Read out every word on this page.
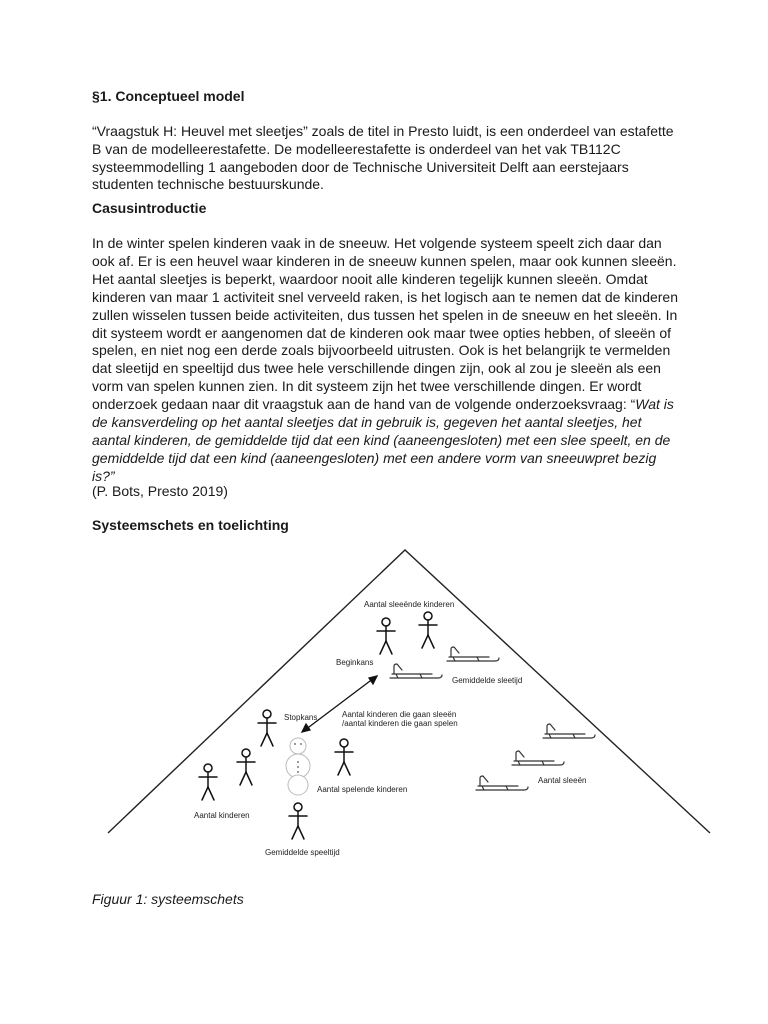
§1. Conceptueel model
“Vraagstuk H: Heuvel met sleetjes” zoals de titel in Presto luidt, is een onderdeel van estafette B van de modelleerestafette. De modelleerestafette is onderdeel van het vak TB112C systeemmodelling 1 aangeboden door de Technische Universiteit Delft aan eerstejaars studenten technische bestuurskunde.
Casusintroductie
In de winter spelen kinderen vaak in de sneeuw. Het volgende systeem speelt zich daar dan ook af. Er is een heuvel waar kinderen in de sneeuw kunnen spelen, maar ook kunnen sleeën. Het aantal sleetjes is beperkt, waardoor nooit alle kinderen tegelijk kunnen sleeën. Omdat kinderen van maar 1 activiteit snel verveeld raken, is het logisch aan te nemen dat de kinderen zullen wisselen tussen beide activiteiten, dus tussen het spelen in de sneeuw en het sleeën. In dit systeem wordt er aangenomen dat de kinderen ook maar twee opties hebben, of sleeën of spelen, en niet nog een derde zoals bijvoorbeeld uitrusten. Ook is het belangrijk te vermelden dat sleetijd en speeltijd dus twee hele verschillende dingen zijn, ook al zou je sleeën als een vorm van spelen kunnen zien. In dit systeem zijn het twee verschillende dingen. Er wordt onderzoek gedaan naar dit vraagstuk aan de hand van de volgende onderzoeksvraag: “Wat is de kansverdeling op het aantal sleetjes dat in gebruik is, gegeven het aantal sleetjes, het aantal kinderen, de gemiddelde tijd dat een kind (aaneengesloten) met een slee speelt, en de gemiddelde tijd dat een kind (aaneengesloten) met een andere vorm van sneeuwpret bezig is?”
(P. Bots, Presto 2019)
Systeemschets en toelichting
Aantal sleeënde kinderen
Beginkans
Gemiddelde sleetijd
Stopkans	Aantal kinderen die gaan sleeën
/aantal kinderen die gaan spelen
Aantal sleeën
Aantal spelende kinderen
Aantal kinderen
Gemiddelde speeltijd
Figuur 1: systeemschets
